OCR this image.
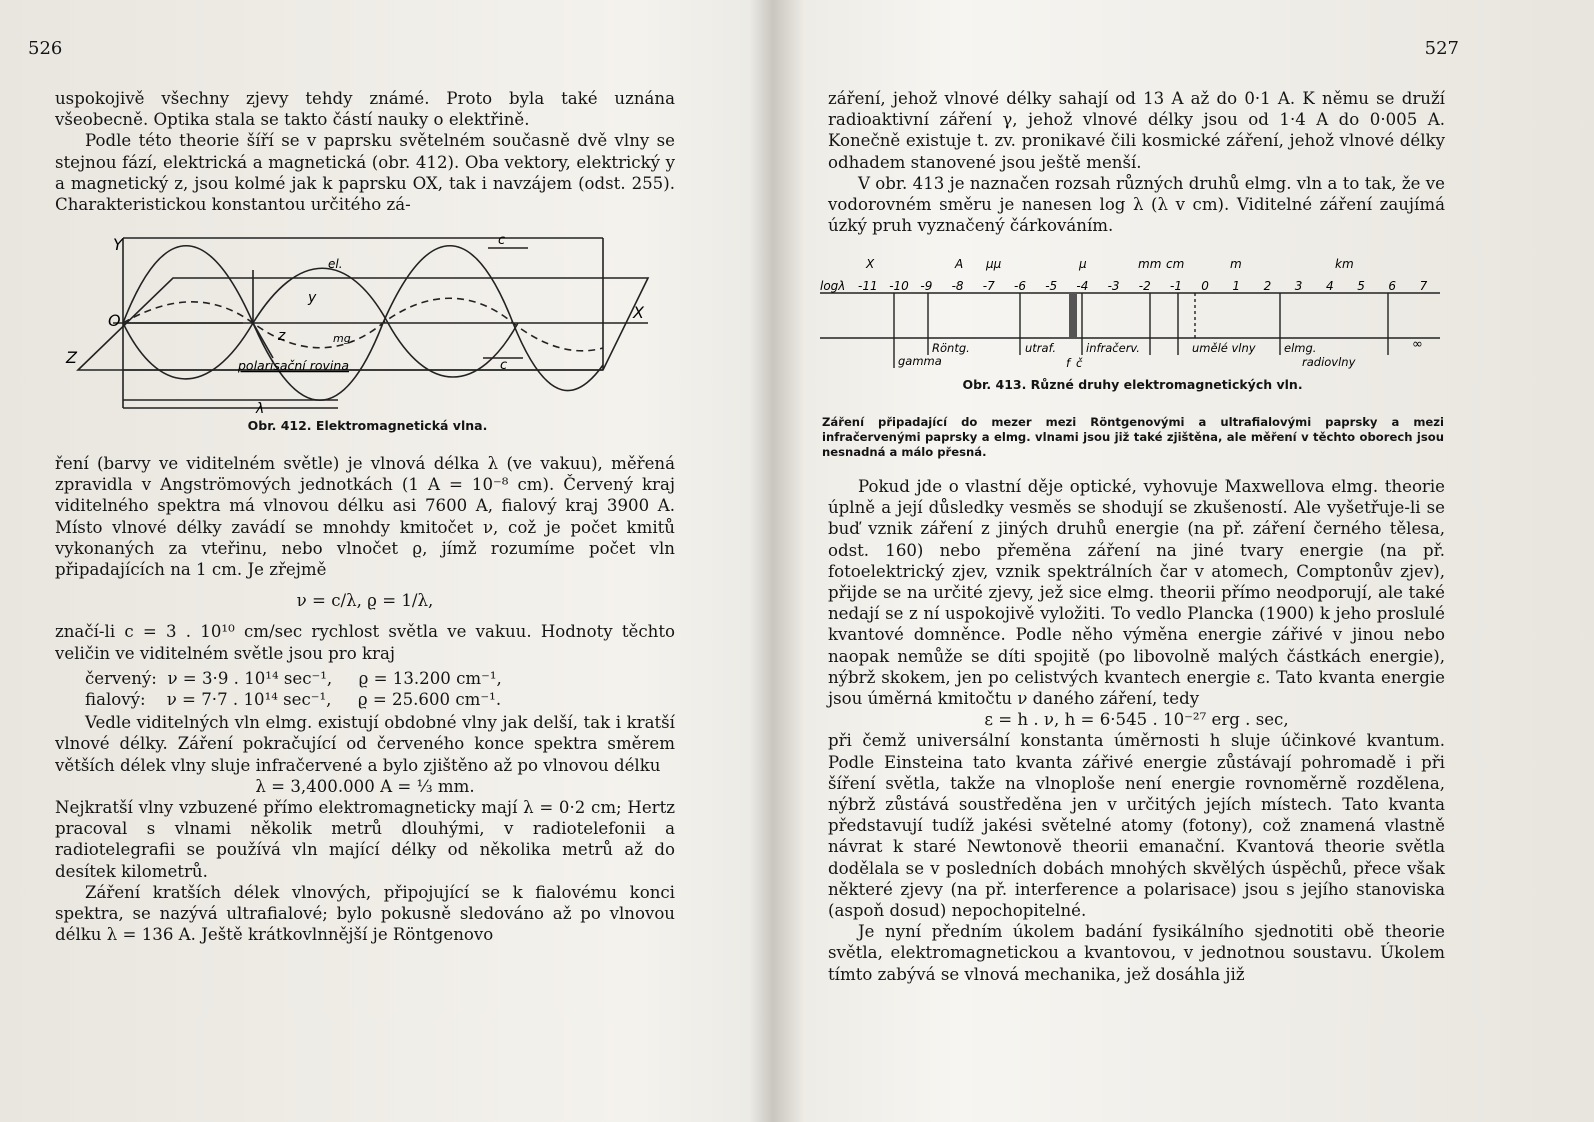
526

uspokojivě všechny zjevy tehdy známé. Proto byla také uznána všeobecně. Optika stala se takto částí nauky o elektřině.

Podle této theorie šíří se v paprsku světelném současně dvě vlny se stejnou fází, elektrická a magnetická (obr. 412). Oba vektory, elektrický y a magnetický z, jsou kolmé jak k paprsku OX, tak i navzájem (odst. 255). Charakteristickou konstantou určitého zá-

Y
Z
O	X
c
c
el.
y
z	mg.
polarisační rovina
λ
Obr. 412. Elektromagnetická vlna.

ření (barvy ve viditelném světle) je vlnová délka λ (ve vakuu), měřená zpravidla v Angströmových jednotkách (1 A = 10⁻⁸ cm). Červený kraj viditelného spektra má vlnovou délku asi 7600 A, fialový kraj 3900 A. Místo vlnové délky zavádí se mnohdy kmitočet ν, což je počet kmitů vykonaných za vteřinu, nebo vlnočet ϱ, jímž rozumíme počet vln připadajících na 1 cm. Je zřejmě

ν = c/λ, ϱ = 1/λ,

značí-li c = 3 . 10¹⁰ cm/sec rychlost světla ve vakuu. Hodnoty těchto veličin ve viditelném světle jsou pro kraj

červený:  ν = 3·9 . 10¹⁴ sec⁻¹,     ϱ = 13.200 cm⁻¹,
fialový:    ν = 7·7 . 10¹⁴ sec⁻¹,     ϱ = 25.600 cm⁻¹.

Vedle viditelných vln elmg. existují obdobné vlny jak delší, tak i kratší vlnové délky. Záření pokračující od červeného konce spektra směrem větších délek vlny sluje infračervené a bylo zjištěno až po vlnovou délku

λ = 3,400.000 A = ⅓ mm.

Nejkratší vlny vzbuzené přímo elektromagneticky mají λ = 0·2 cm; Hertz pracoval s vlnami několik metrů dlouhými, v radiotelefonii a radiotelegrafii se používá vln mající délky od několika metrů až do desítek kilometrů.

Záření kratších délek vlnových, připojující se k fialovému konci spektra, se nazývá ultrafialové; bylo pokusně sledováno až po vlnovou délku λ = 136 A. Ještě krátkovlnnější je Röntgenovo

527

záření, jehož vlnové délky sahají od 13 A až do 0·1 A. K němu se druží radioaktivní záření γ, jehož vlnové délky jsou od 1·4 A do 0·005 A. Konečně existuje t. zv. pronikavé čili kosmické záření, jehož vlnové délky odhadem stanovené jsou ještě menší.

V obr. 413 je naznačen rozsah různých druhů elmg. vln a to tak, že ve vodorovném směru je nanesen log λ (λ v cm). Viditelné záření zaujímá úzký pruh vyznačený čárkováním.

logλ -11 -10 -9 -8 -7 -6 -5 -4 -3 -2 -1 0 1 2 3 4 5 6 7
X	A μμ	μ	mm cm	m	km
Röntg.
gamma
utraf.
f č
infračerv.	umělé vlny elmg.
radiovlny
∞
Obr. 413. Různé druhy elektromagnetických vln.
Záření připadající do mezer mezi Röntgenovými a ultrafialovými paprsky a mezi infračervenými paprsky a elmg. vlnami jsou již také zjištěna, ale měření v těchto oborech jsou nesnadná a málo přesná.

Pokud jde o vlastní děje optické, vyhovuje Maxwellova elmg. theorie úplně a její důsledky vesměs se shodují se zkušeností. Ale vyšetřuje-li se buď vznik záření z jiných druhů energie (na př. záření černého tělesa, odst. 160) nebo přeměna záření na jiné tvary energie (na př. fotoelektrický zjev, vznik spektrálních čar v atomech, Comptonův zjev), přijde se na určité zjevy, jež sice elmg. theorii přímo neodporují, ale také nedají se z ní uspokojivě vyložiti. To vedlo Plancka (1900) k jeho proslulé kvantové domněnce. Podle něho výměna energie zářivé v jinou nebo naopak nemůže se díti spojitě (po libovolně malých částkách energie), nýbrž skokem, jen po celistvých kvantech energie ε. Tato kvanta energie jsou úměrná kmitočtu ν daného záření, tedy

ε = h . ν, h = 6·545 . 10⁻²⁷ erg . sec,

při čemž universální konstanta úměrnosti h sluje účinkové kvantum. Podle Einsteina tato kvanta zářivé energie zůstávají pohromadě i při šíření světla, takže na vlnoploše není energie rovnoměrně rozdělena, nýbrž zůstává soustředěna jen v určitých jejích místech. Tato kvanta představují tudíž jakési světelné atomy (fotony), což znamená vlastně návrat k staré Newtonově theorii emanační. Kvantová theorie světla dodělala se v posledních dobách mnohých skvělých úspěchů, přece však některé zjevy (na př. interference a polarisace) jsou s jejího stanoviska (aspoň dosud) nepochopitelné.

Je nyní předním úkolem badání fysikálního sjednotiti obě theorie světla, elektromagnetickou a kvantovou, v jednotnou soustavu. Úkolem tímto zabývá se vlnová mechanika, jež dosáhla již
